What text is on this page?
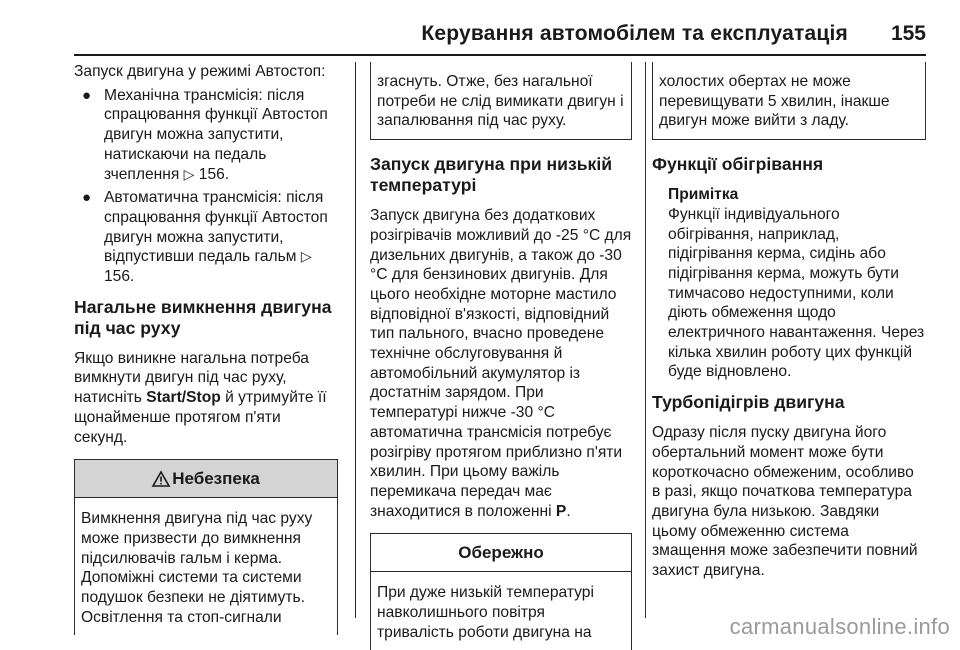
Керування автомобілем та експлуатація 155

Запуск двигуна у режимі Автостоп:

● Механічна трансмісія: після спрацювання функції Автостоп двигун можна запустити, натискаючи на педаль зчеплення ▷ 156.
● Автоматична трансмісія: після спрацювання функції Автостоп двигун можна запустити, відпустивши педаль гальм ▷ 156.
Нагальне вимкнення двигуна під час руху

Якщо виникне нагальна потреба вимкнути двигун під час руху, натисніть Start/Stop й утримуйте її щонайменше протягом п'яти секунд.

Небезпека

Вимкнення двигуна під час руху може призвести до вимкнення підсилювачів гальм і керма. Допоміжні системи та системи подушок безпеки не діятимуть. Освітлення та стоп-сигнали

згаснуть. Отже, без нагальної потреби не слід вимикати двигун і запалювання під час руху.

Запуск двигуна при низькій температурі

Запуск двигуна без додаткових розігрівачів можливий до -25 °C для дизельних двигунів, а також до -30 °C для бензинових двигунів. Для цього необхідне моторне мастило відповідної в'язкості, відповідний тип пального, вчасно проведене технічне обслуговування й автомобільний акумулятор із достатнім зарядом. При температурі нижче -30 °C автоматична трансмісія потребує розігріву протягом приблизно п'яти хвилин. При цьому важіль перемикача передач має знаходитися в положенні P.

Обережно

При дуже низькій температурі навколишнього повітря тривалість роботи двигуна на

холостих обертах не може перевищувати 5 хвилин, інакше двигун може вийти з ладу.

Функції обігрівання
Примітка

Функції індивідуального обігрівання, наприклад, підігрівання керма, сидінь або підігрівання керма, можуть бути тимчасово недоступними, коли діють обмеження щодо електричного навантаження. Через кілька хвилин роботу цих функцій буде відновлено.

Турбопідігрів двигуна

Одразу після пуску двигуна його обертальний момент може бути короткочасно обмеженим, особливо в разі, якщо початкова температура двигуна була низькою. Завдяки цьому обмеженню система змащення може забезпечити повний захист двигуна.

carmanualsonline.info
